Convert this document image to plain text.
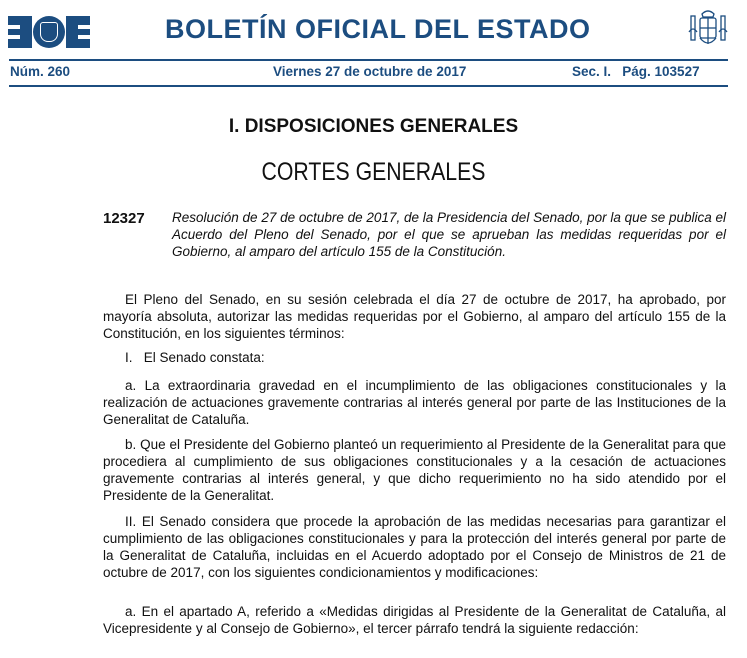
BOLETÍN OFICIAL DEL ESTADO
Núm. 260	Viernes 27 de octubre de 2017	Sec. I.   Pág. 103527
I. DISPOSICIONES GENERALES
CORTES GENERALES
12327 Resolución de 27 de octubre de 2017, de la Presidencia del Senado, por la que se publica el Acuerdo del Pleno del Senado, por el que se aprueban las medidas requeridas por el Gobierno, al amparo del artículo 155 de la Constitución.
El Pleno del Senado, en su sesión celebrada el día 27 de octubre de 2017, ha aprobado, por mayoría absoluta, autorizar las medidas requeridas por el Gobierno, al amparo del artículo 155 de la Constitución, en los siguientes términos:
I.   El Senado constata:
a. La extraordinaria gravedad en el incumplimiento de las obligaciones constitucionales y la realización de actuaciones gravemente contrarias al interés general por parte de las Instituciones de la Generalitat de Cataluña.
b. Que el Presidente del Gobierno planteó un requerimiento al Presidente de la Generalitat para que procediera al cumplimiento de sus obligaciones constitucionales y a la cesación de actuaciones gravemente contrarias al interés general, y que dicho requerimiento no ha sido atendido por el Presidente de la Generalitat.
II. El Senado considera que procede la aprobación de las medidas necesarias para garantizar el cumplimiento de las obligaciones constitucionales y para la protección del interés general por parte de la Generalitat de Cataluña, incluidas en el Acuerdo adoptado por el Consejo de Ministros de 21 de octubre de 2017, con los siguientes condicionamientos y modificaciones:
a. En el apartado A, referido a «Medidas dirigidas al Presidente de la Generalitat de Cataluña, al Vicepresidente y al Consejo de Gobierno», el tercer párrafo tendrá la siguiente redacción:
